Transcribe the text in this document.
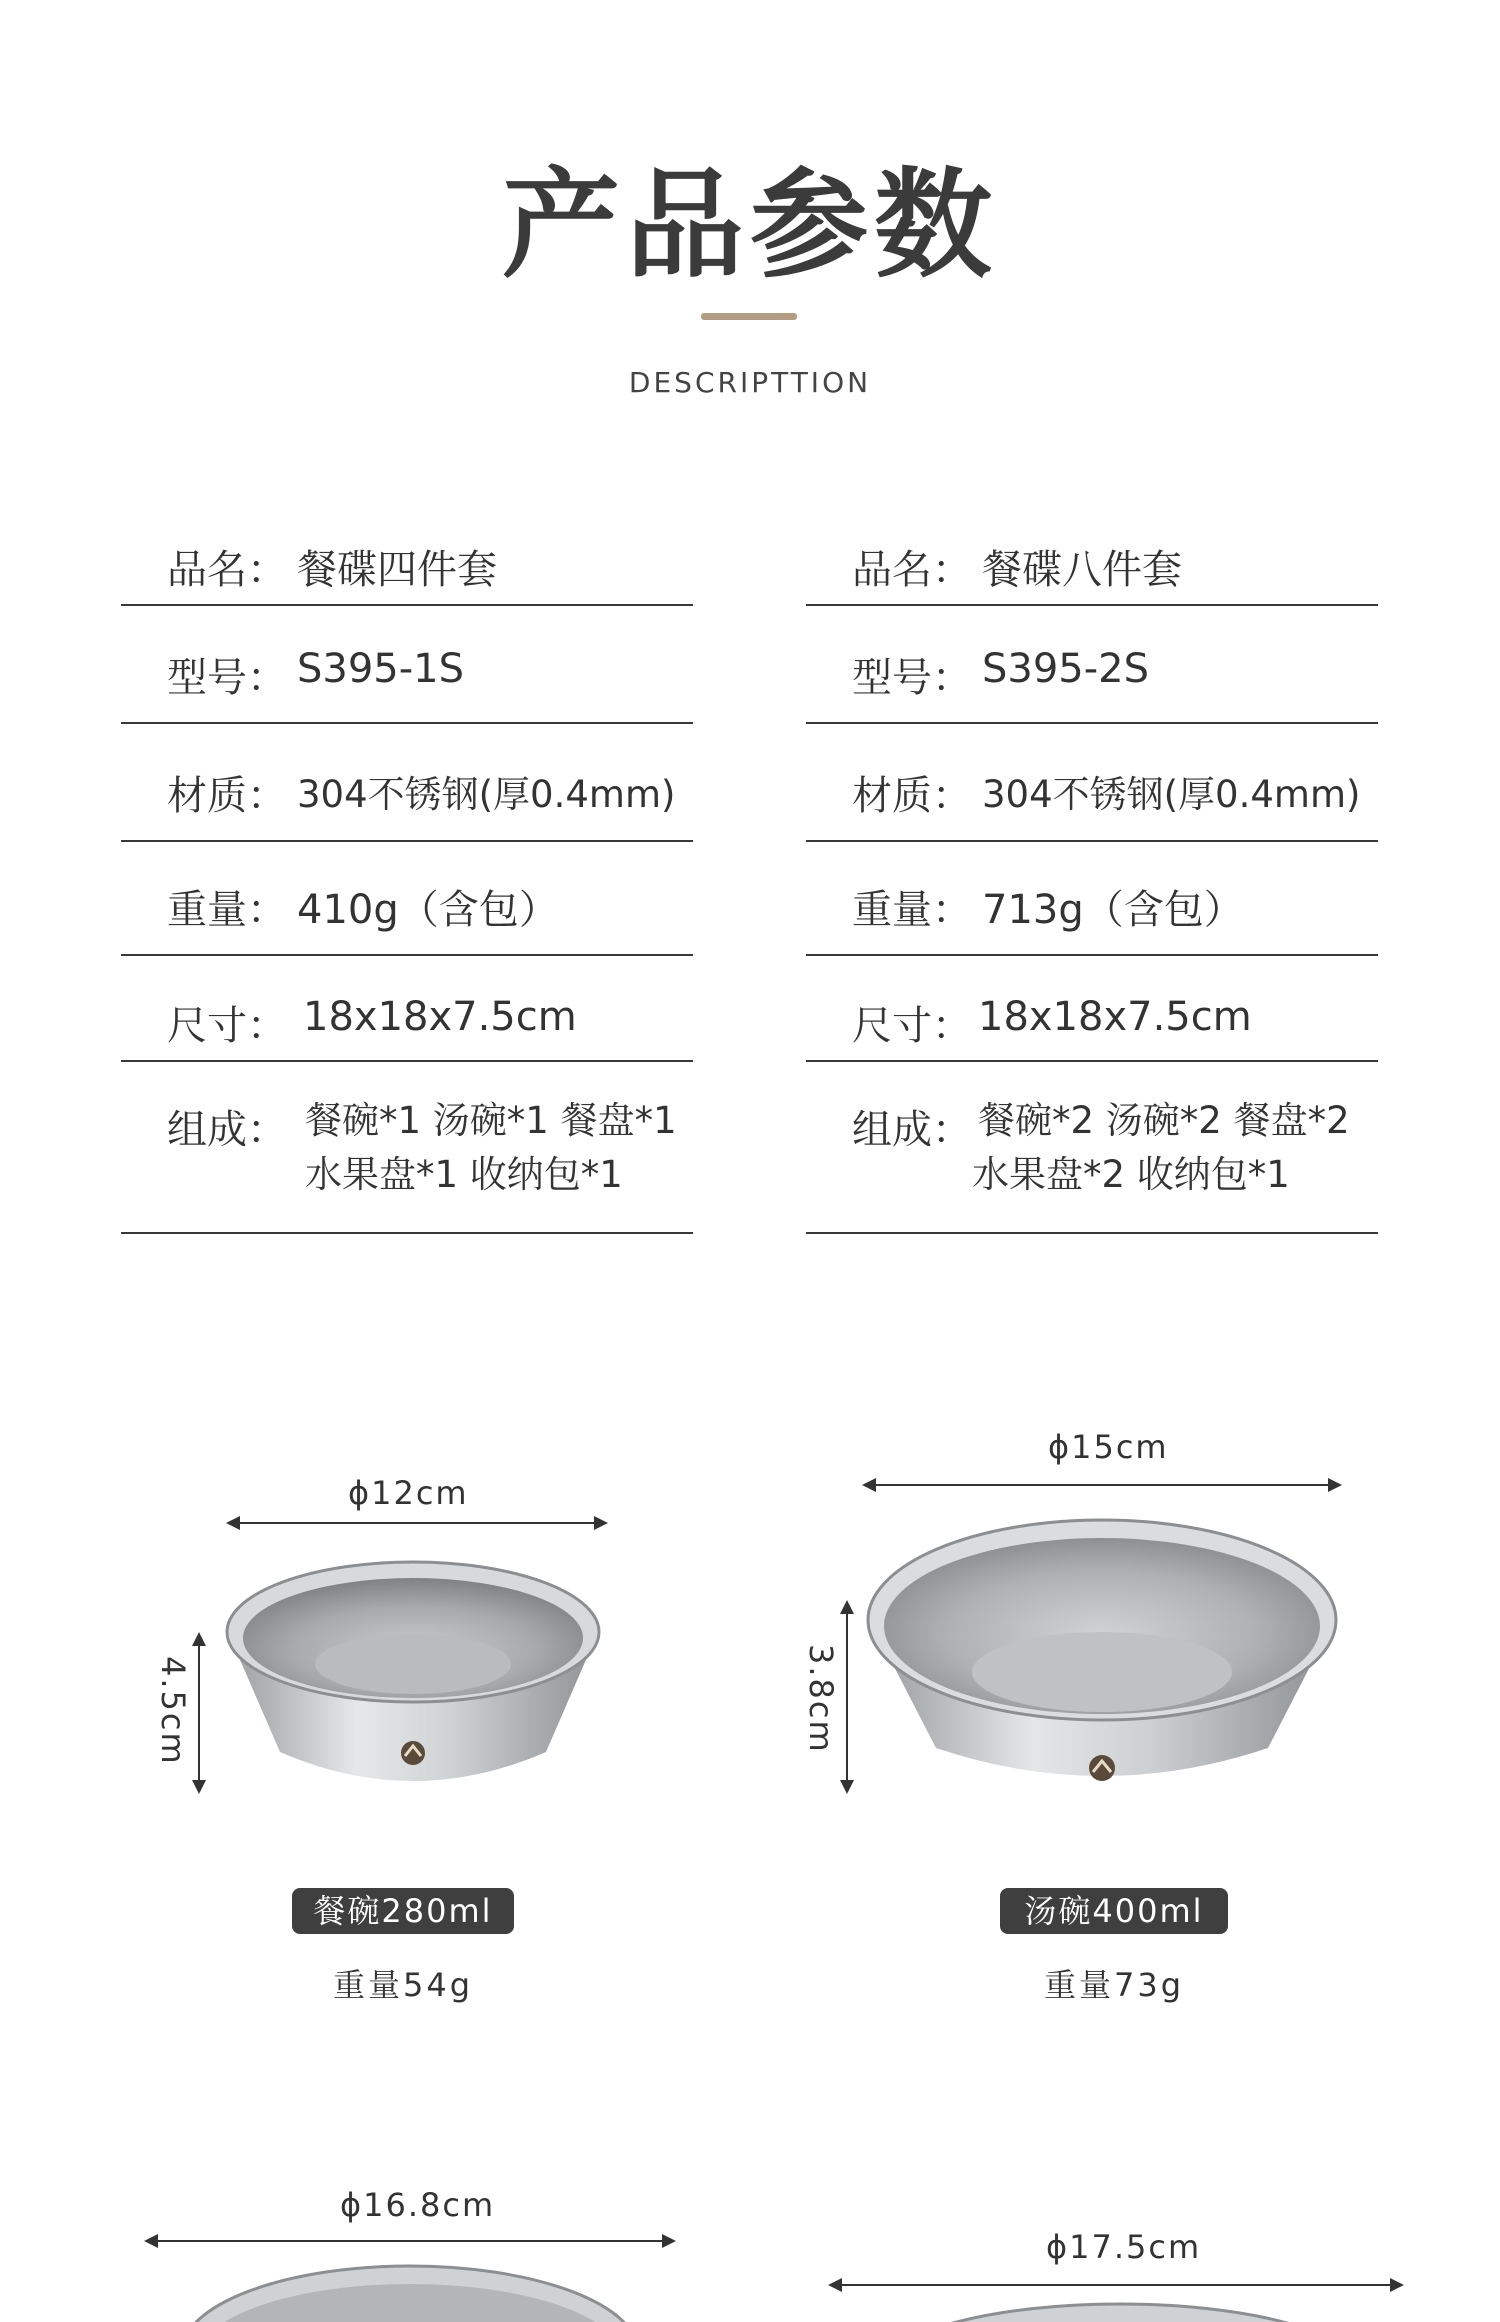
产品参数
DESCRIPTTION
品名： 餐碟四件套
型号： S395-1S
材质： 304不锈钢(厚0.4mm)
重量： 410g（含包）
尺寸： 18x18x7.5cm
组成： 餐碗*1 汤碗*1 餐盘*1
水果盘*1 收纳包*1
品名： 餐碟八件套
型号： S395-2S
材质： 304不锈钢(厚0.4mm)
重量： 713g（含包）
尺寸： 18x18x7.5cm
组成： 餐碗*2 汤碗*2 餐盘*2
水果盘*2 收纳包*1
ϕ12cm
4.5cm
餐碗280ml
重量54g
ϕ15cm
3.8cm
汤碗400ml
重量73g
ϕ16.8cm
ϕ17.5cm
